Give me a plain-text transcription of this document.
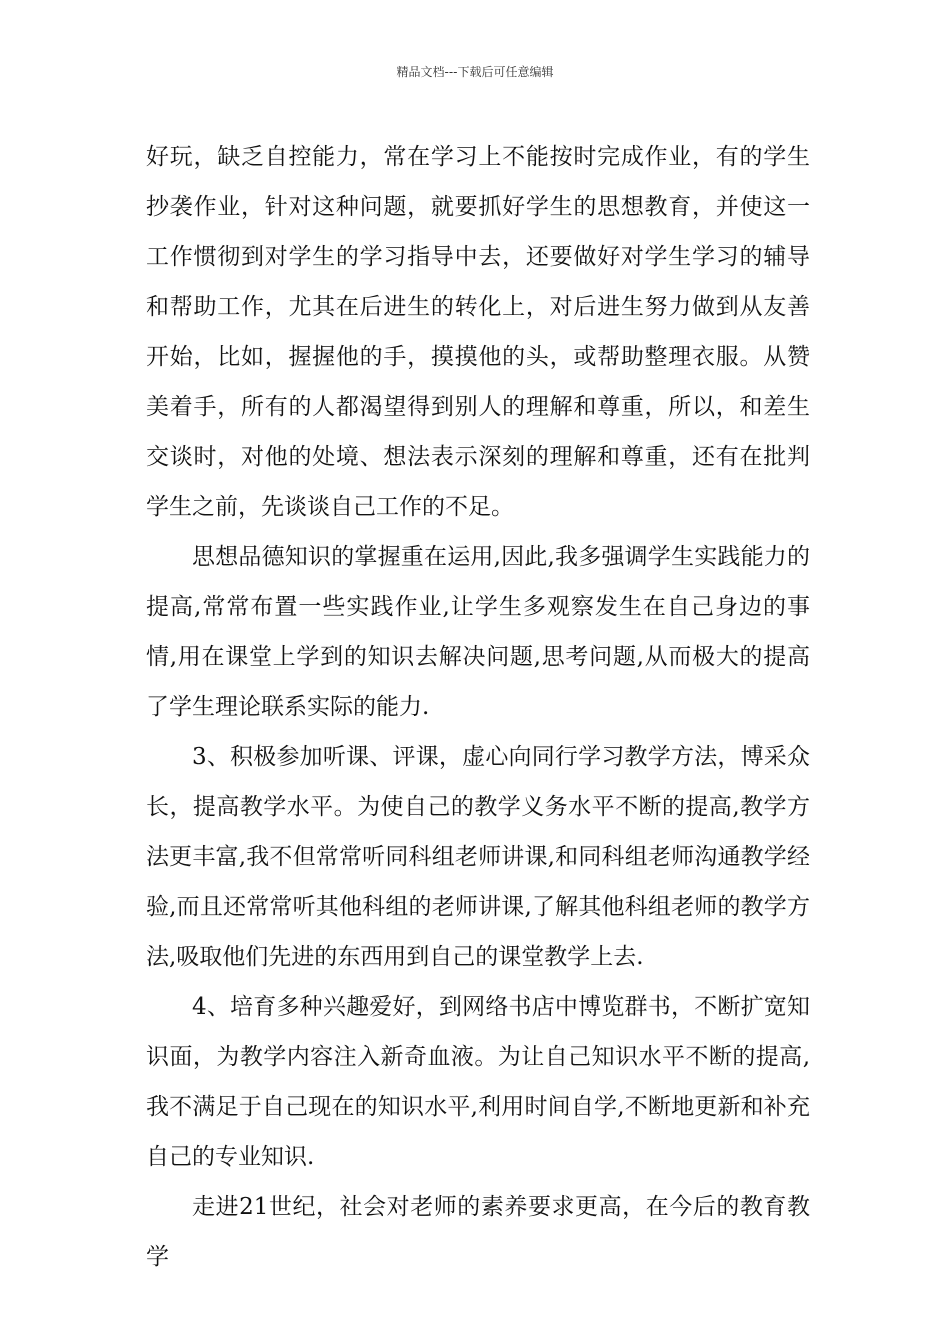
精品文档---下载后可任意编辑

好玩，缺乏自控能力，常在学习上不能按时完成作业，有的学生抄袭作业，针对这种问题，就要抓好学生的思想教育，并使这一工作惯彻到对学生的学习指导中去，还要做好对学生学习的辅导和帮助工作，尤其在后进生的转化上，对后进生努力做到从友善开始，比如，握握他的手，摸摸他的头，或帮助整理衣服。从赞美着手，所有的人都渴望得到别人的理解和尊重，所以，和差生交谈时，对他的处境、想法表示深刻的理解和尊重，还有在批判学生之前，先谈谈自己工作的不足。

思想品德知识的掌握重在运用,因此,我多强调学生实践能力的提高,常常布置一些实践作业,让学生多观察发生在自己身边的事情,用在课堂上学到的知识去解决问题,思考问题,从而极大的提高了学生理论联系实际的能力.

3、积极参加听课、评课，虚心向同行学习教学方法，博采众长，提高教学水平。为使自己的教学义务水平不断的提高,教学方法更丰富,我不但常常听同科组老师讲课,和同科组老师沟通教学经验,而且还常常听其他科组的老师讲课,了解其他科组老师的教学方法,吸取他们先进的东西用到自己的课堂教学上去.

4、培育多种兴趣爱好，到网络书店中博览群书，不断扩宽知识面，为教学内容注入新奇血液。为让自己知识水平不断的提高,我不满足于自己现在的知识水平,利用时间自学,不断地更新和补充自己的专业知识.

走进21世纪，社会对老师的素养要求更高，在今后的教育教学
